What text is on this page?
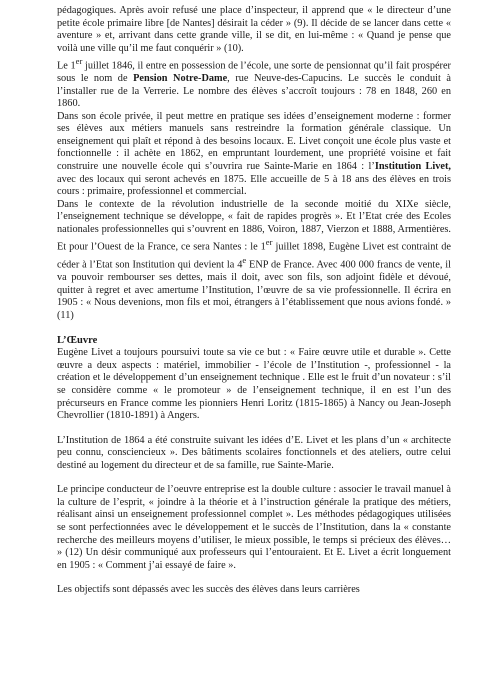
pédagogiques. Après avoir refusé une place d’inspecteur, il apprend que « le directeur d’une petite école primaire libre [de Nantes] désirait la céder » (9). Il décide de se lancer dans cette « aventure » et, arrivant dans cette grande ville, il se dit, en lui-même : « Quand je pense que voilà une ville qu’il me faut conquérir » (10).

Le 1er juillet 1846, il entre en possession de l’école, une sorte de pensionnat qu’il fait prospérer sous le nom de Pension Notre-Dame, rue Neuve-des-Capucins. Le succès le conduit à l’installer rue de la Verrerie. Le nombre des élèves s’accroît toujours : 78 en 1848, 260 en 1860.

Dans son école privée, il peut mettre en pratique ses idées d’enseignement moderne : former ses élèves aux métiers manuels sans restreindre la formation générale classique. Un enseignement qui plaît et répond à des besoins locaux. E. Livet conçoit une école plus vaste et fonctionnelle : il achète en 1862, en empruntant lourdement, une propriété voisine et fait construire une nouvelle école qui s’ouvrira rue Sainte-Marie en 1864 : l’Institution Livet, avec des locaux qui seront achevés en 1875. Elle accueille de 5 à 18 ans des élèves en trois cours : primaire, professionnel et commercial.

Dans le contexte de la révolution industrielle de la seconde moitié du XIXe siècle, l’enseignement technique se développe, « fait de rapides progrès ». Et l’Etat crée des Ecoles nationales professionnelles qui s’ouvrent en 1886, Voiron, 1887, Vierzon et 1888, Armentières. Et pour l’Ouest de la France, ce sera Nantes : le 1er juillet 1898, Eugène Livet est contraint de céder à l’Etat son Institution qui devient la 4e ENP de France. Avec 400 000 francs de vente, il va pouvoir rembourser ses dettes, mais il doit, avec son fils, son adjoint fidèle et dévoué, quitter à regret et avec amertume l’Institution, l’œuvre de sa vie professionnelle. Il écrira en 1905 : « Nous devenions, mon fils et moi, étrangers à l’établissement que nous avions fondé. » (11)

L’Œuvre

Eugène Livet a toujours poursuivi toute sa vie ce but : « Faire œuvre utile et durable ». Cette œuvre a deux aspects : matériel, immobilier - l’école de l’Institution -, professionnel - la création et le développement d’un enseignement technique . Elle est le fruit d’un novateur : s’il se considère comme « le promoteur » de l’enseignement technique, il en est l’un des précurseurs en France comme les pionniers Henri Loritz (1815-1865) à Nancy ou Jean-Joseph Chevrollier (1810-1891) à Angers.

L’Institution de 1864 a été construite suivant les idées d’E. Livet et les plans d’un « architecte peu connu, consciencieux ». Des bâtiments scolaires fonctionnels et des ateliers, outre celui destiné au logement du directeur et de sa famille, rue Sainte-Marie.

Le principe conducteur de l’oeuvre entreprise est la double culture : associer le travail manuel à la culture de l’esprit, « joindre à la théorie et à l’instruction générale la pratique des métiers, réalisant ainsi un enseignement professionnel complet ». Les méthodes pédagogiques utilisées se sont perfectionnées avec le développement et le succès de l’Institution, dans la « constante recherche des meilleurs moyens d’utiliser, le mieux possible, le temps si précieux des élèves… » (12) Un désir communiqué aux professeurs qui l’entouraient. Et E. Livet a écrit longuement en 1905 : « Comment j’ai essayé de faire ».

Les objectifs sont dépassés avec les succès des élèves dans leurs carrières
